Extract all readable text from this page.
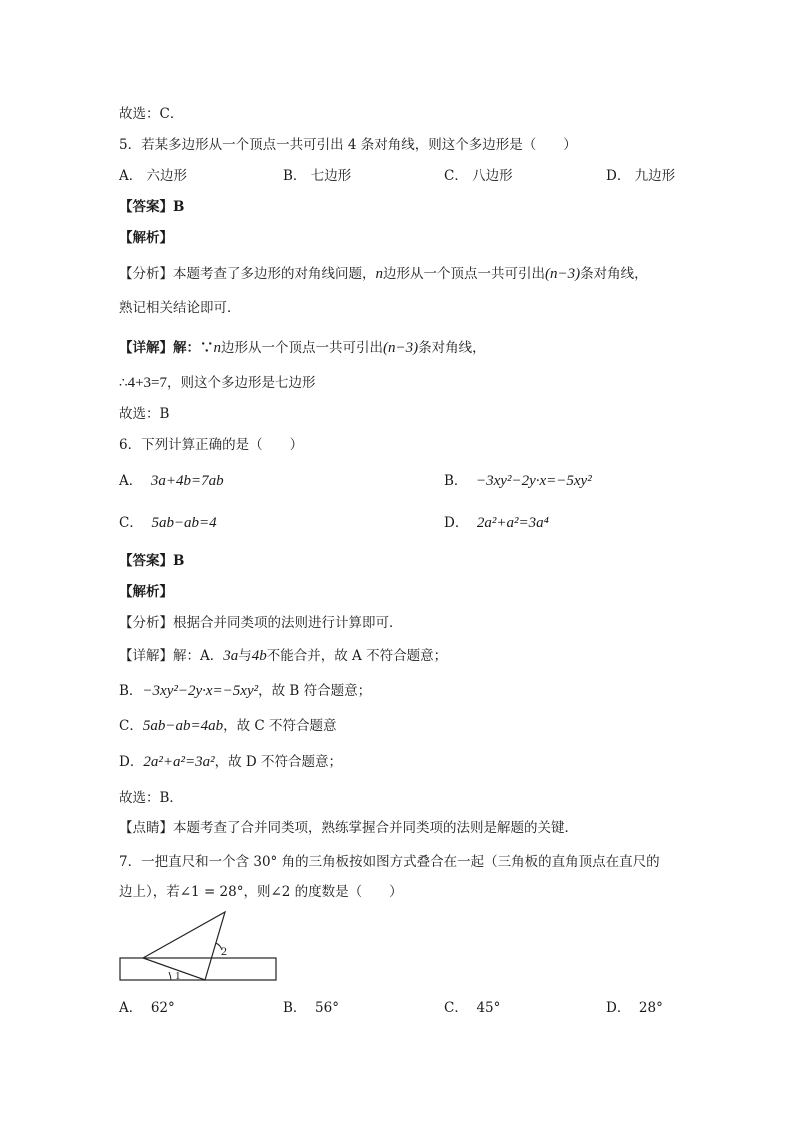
故选：C．
5．若某多边形从一个顶点一共可引出 4 条对角线，则这个多边形是（　　）
A． 六边形	B． 七边形	C． 八边形	D． 九边形
【答案】B
【解析】
【分析】本题考查了多边形的对角线问题，n边形从一个顶点一共可引出(n−3)条对角线，
熟记相关结论即可．
【详解】解：∵n边形从一个顶点一共可引出(n−3)条对角线，
∴4+3=7，则这个多边形是七边形
故选：B
6．下列计算正确的是（　　）
A． 3a+4b=7ab	B． −3xy²−2y·x=−5xy²
C． 5ab−ab=4	D． 2a²+a²=3a⁴
【答案】B
【解析】
【分析】根据合并同类项的法则进行计算即可．
【详解】解：A．3a与4b不能合并，故 A 不符合题意；
B．−3xy²−2y·x=−5xy²，故 B 符合题意；
C．5ab−ab=4ab，故 C 不符合题意
D．2a²+a²=3a²，故 D 不符合题意；
故选：B．
【点睛】本题考查了合并同类项，熟练掌握合并同类项的法则是解题的关键．
7．一把直尺和一个含 30° 角的三角板按如图方式叠合在一起（三角板的直角顶点在直尺的
边上），若∠1 = 28°，则∠2 的度数是（　　）
1
2
A． 62°	B． 56°	C． 45°	D． 28°
